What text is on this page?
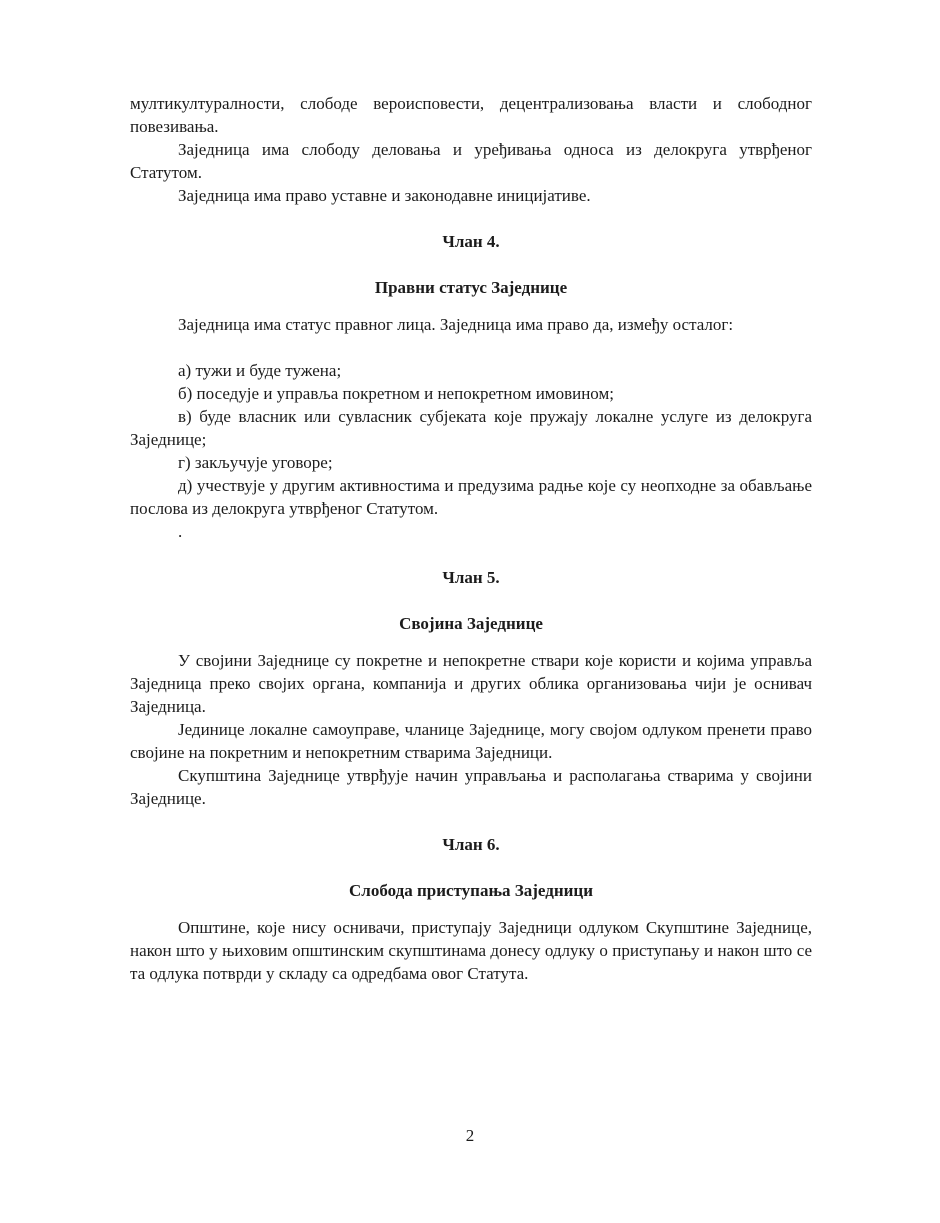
мултикултуралности, слободе вероисповести, децентрализовања власти и слободног повезивања.

Заједница има слободу деловања и уређивања односа из делокруга утврђеног Статутом.

Заједница има право уставне и законодавне иницијативе.

Члан 4.
Правни статус Заједнице

Заједница има статус правног лица. Заједница има право да, између осталог:

а) тужи и буде тужена;

б) поседује и управља покретном и непокретном имовином;

в) буде власник или сувласник субјеката које пружају локалне услуге из делокруга Заједнице;

г) закључује уговоре;

д) учествује у другим активностима и предузима радње које су неопходне за обављање послова из делокруга утврђеног Статутом.

.

Члан 5.
Својина Заједнице

У својини Заједнице су покретне и непокретне ствари које користи и којима управља Заједница преко својих органа, компанија и других облика организовања чији је оснивач Заједница.

Јединице локалне самоуправе, чланице Заједнице, могу својом одлуком пренети право својине на покретним и непокретним стварима Заједници.

Скупштина Заједнице утврђује начин управљања и располагања стварима у својини Заједнице.

Члан 6.
Слобода приступања Заједници

Општине, које нису оснивачи, приступају Заједници одлуком Скупштине Заједнице, након што у њиховим општинским скупштинама донесу одлуку о приступању и након што се та одлука потврди у складу са одредбама овог Статута.

2
